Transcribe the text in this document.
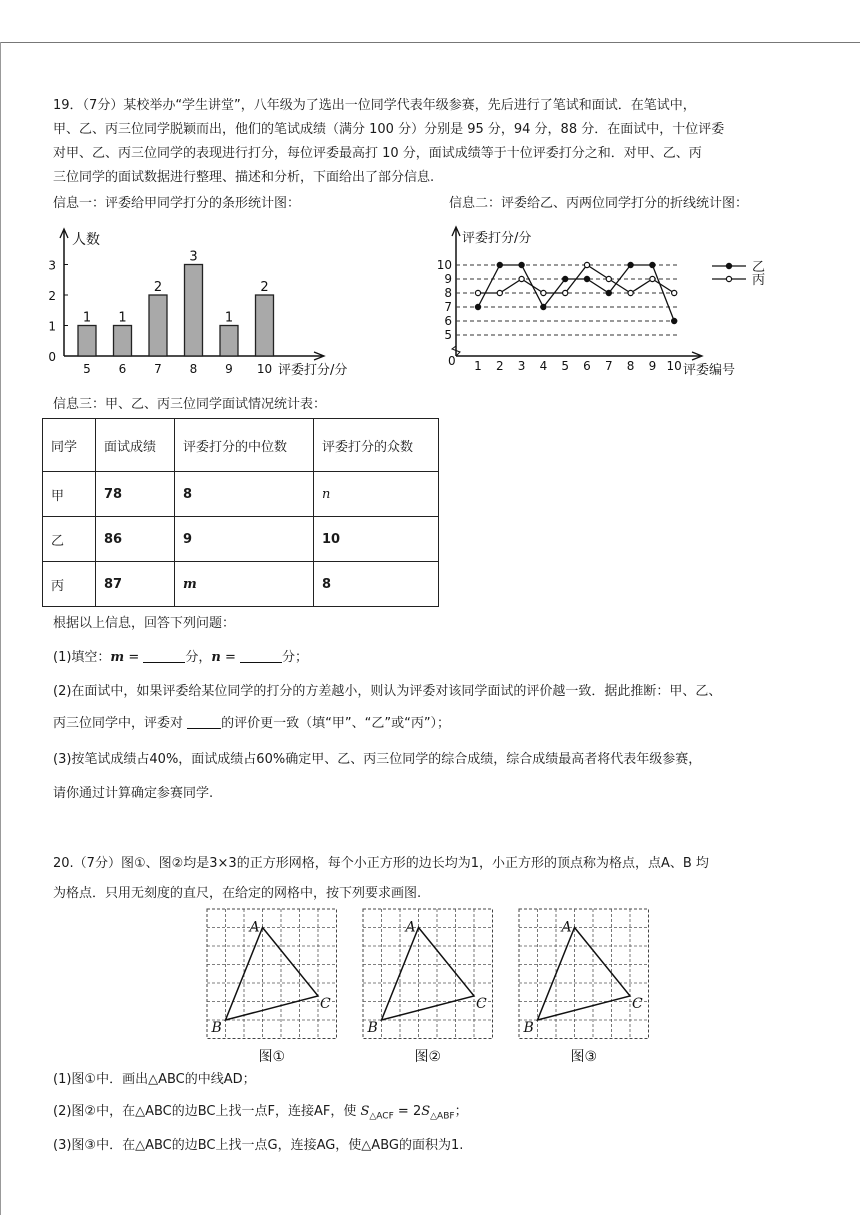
19．（7分）某校举办“学生讲堂”，八年级为了选出一位同学代表年级参赛，先后进行了笔试和面试．在笔试中，
甲、乙、丙三位同学脱颖而出，他们的笔试成绩（满分 100 分）分别是 95 分，94 分，88 分．在面试中，十位评委
对甲、乙、丙三位同学的表现进行打分，每位评委最高打 10 分，面试成绩等于十位评委打分之和．对甲、乙、丙
三位同学的面试数据进行整理、描述和分析，下面给出了部分信息.
信息一：评委给甲同学打分的条形统计图：	信息二：评委给乙、丙两位同学打分的折线统计图：
人数
评委打分/分
0
1
2
3
1
5
1
6
2
7
3
8
1
9
2
10
评委打分/分
评委编号
0
5
6
7
8
9
10
1 2 3 4 5 6 7 8 9 10
乙
丙
信息三：甲、乙、丙三位同学面试情况统计表：
同学	面试成绩	评委打分的中位数	评委打分的众数
甲	78	8	n
乙	86	9	10
丙	87	m	8
根据以上信息，回答下列问题：
(1)填空：m =	分，n =	分；
(2)在面试中，如果评委给某位同学的打分的方差越小，则认为评委对该同学面试的评价越一致．据此推断：甲、乙、
丙三位同学中，评委对	的评价更一致（填“甲”、“乙”或“丙”）；
(3)按笔试成绩占40%，面试成绩占60%确定甲、乙、丙三位同学的综合成绩，综合成绩最高者将代表年级参赛，
请你通过计算确定参赛同学.
20.（7分）图①、图②均是3×3的正方形网格，每个小正方形的边长均为1，小正方形的顶点称为格点，点A、B 均
为格点．只用无刻度的直尺，在给定的网格中，按下列要求画图.
A
B
C
图①
A
B
C
图②
A
B
C
图③
(1)图①中．画出△ABC的中线AD；
(2)图②中，在△ABC的边BC上找一点F，连接AF，使 $S_{\triangle ACF} = 2S_{\triangle ABF}$；
(3)图③中．在△ABC的边BC上找一点G，连接AG，使△ABG的面积为1.
